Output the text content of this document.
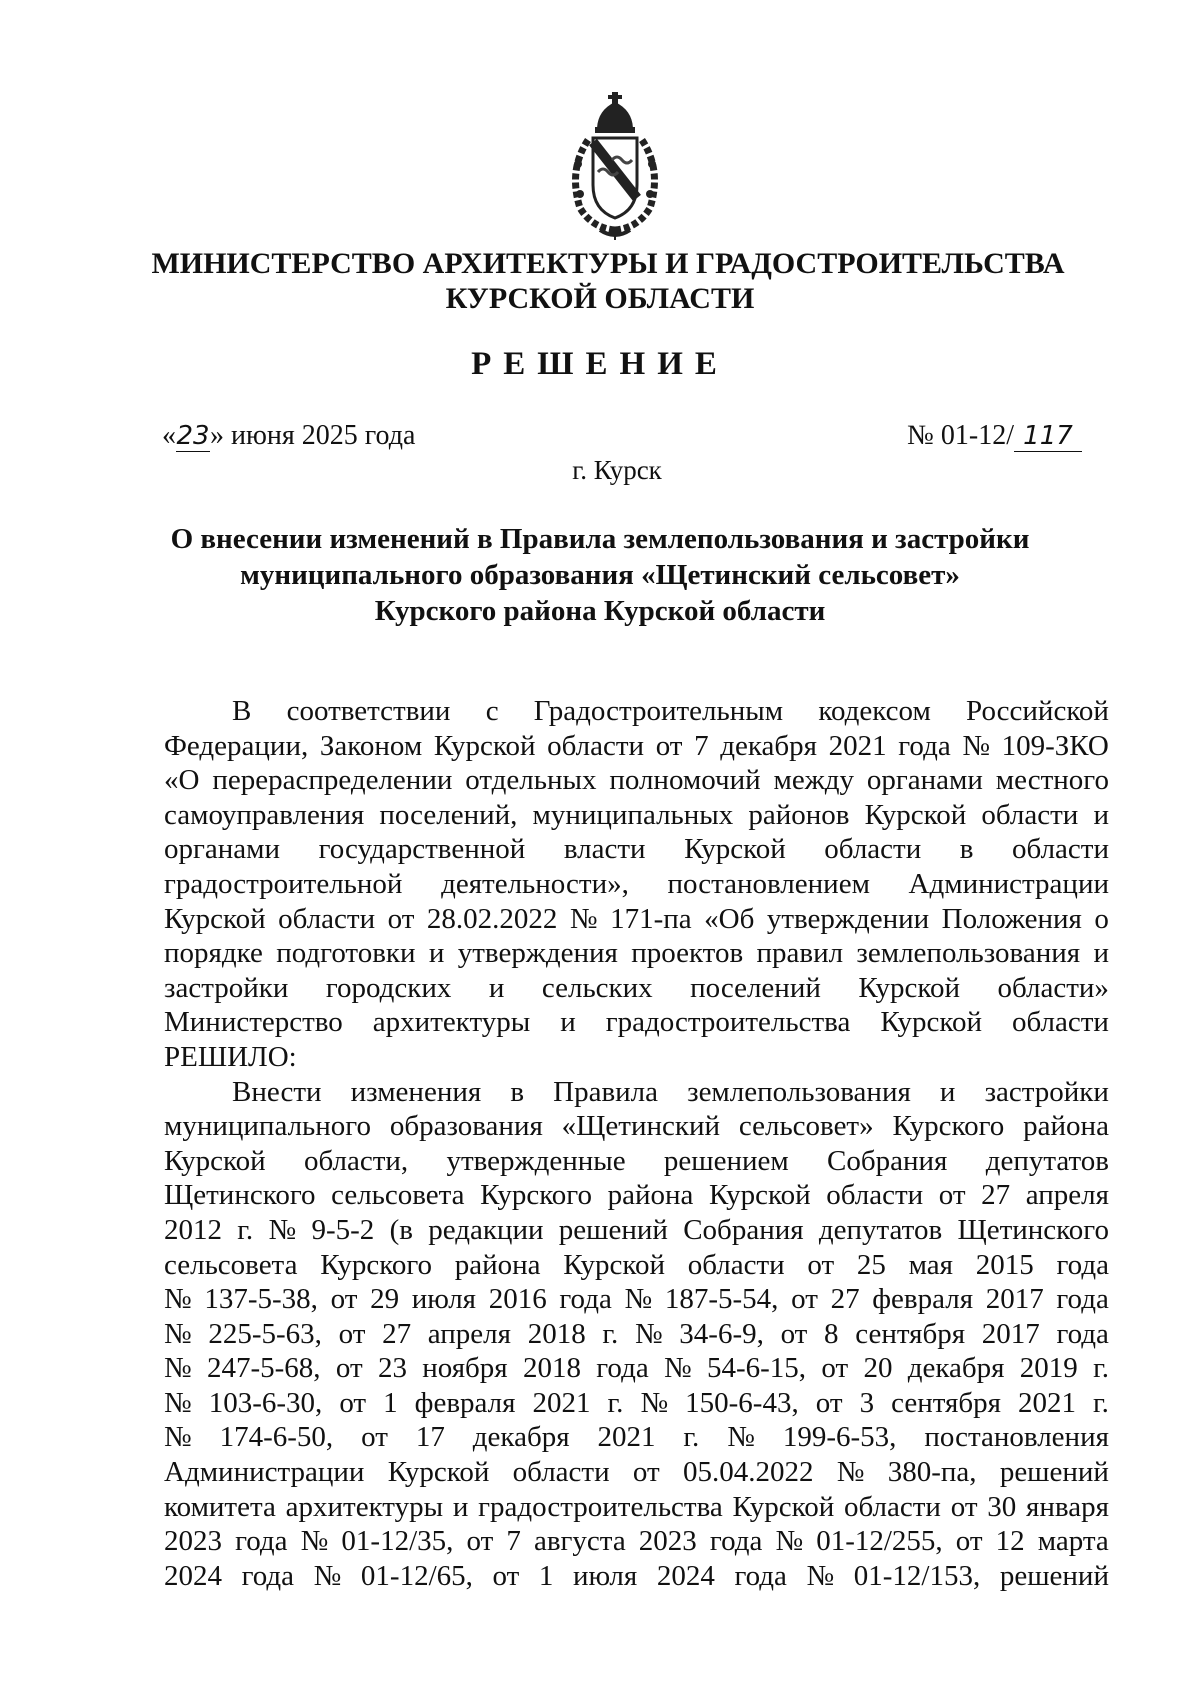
МИНИСТЕРСТВО АРХИТЕКТУРЫ И ГРАДОСТРОИТЕЛЬСТВА
КУРСКОЙ ОБЛАСТИ
РЕШЕНИЕ
«23» июня 2025 года	№ 01-12/ 117
г. Курск
О внесении изменений в Правила землепользования и застройки
муниципального образования «Щетинский сельсовет»
Курского района Курской области
В соответствии с Градостроительным кодексом Российской
Федерации, Законом Курской области от 7 декабря 2021 года № 109-ЗКО
«О перераспределении отдельных полномочий между органами местного
самоуправления поселений, муниципальных районов Курской области и
органами государственной власти Курской области в области
градостроительной деятельности», постановлением Администрации
Курской области от 28.02.2022 № 171-па «Об утверждении Положения о
порядке подготовки и утверждения проектов правил землепользования и
застройки городских и сельских поселений Курской области»
Министерство архитектуры и градостроительства Курской области
РЕШИЛО:
Внести изменения в Правила землепользования и застройки
муниципального образования «Щетинский сельсовет» Курского района
Курской области, утвержденные решением Собрания депутатов
Щетинского сельсовета Курского района Курской области от 27 апреля
2012 г. № 9-5-2 (в редакции решений Собрания депутатов Щетинского
сельсовета Курского района Курской области от 25 мая 2015 года
№ 137-5-38, от 29 июля 2016 года № 187-5-54, от 27 февраля 2017 года
№ 225-5-63, от 27 апреля 2018 г. № 34-6-9, от 8 сентября 2017 года
№ 247-5-68, от 23 ноября 2018 года № 54-6-15, от 20 декабря 2019 г.
№ 103-6-30, от 1 февраля 2021 г. № 150-6-43, от 3 сентября 2021 г.
№ 174-6-50, от 17 декабря 2021 г. № 199-6-53, постановления
Администрации Курской области от 05.04.2022 № 380-па, решений
комитета архитектуры и градостроительства Курской области от 30 января
2023 года № 01-12/35, от 7 августа 2023 года № 01-12/255, от 12 марта
2024 года № 01-12/65, от 1 июля 2024 года № 01-12/153, решений
